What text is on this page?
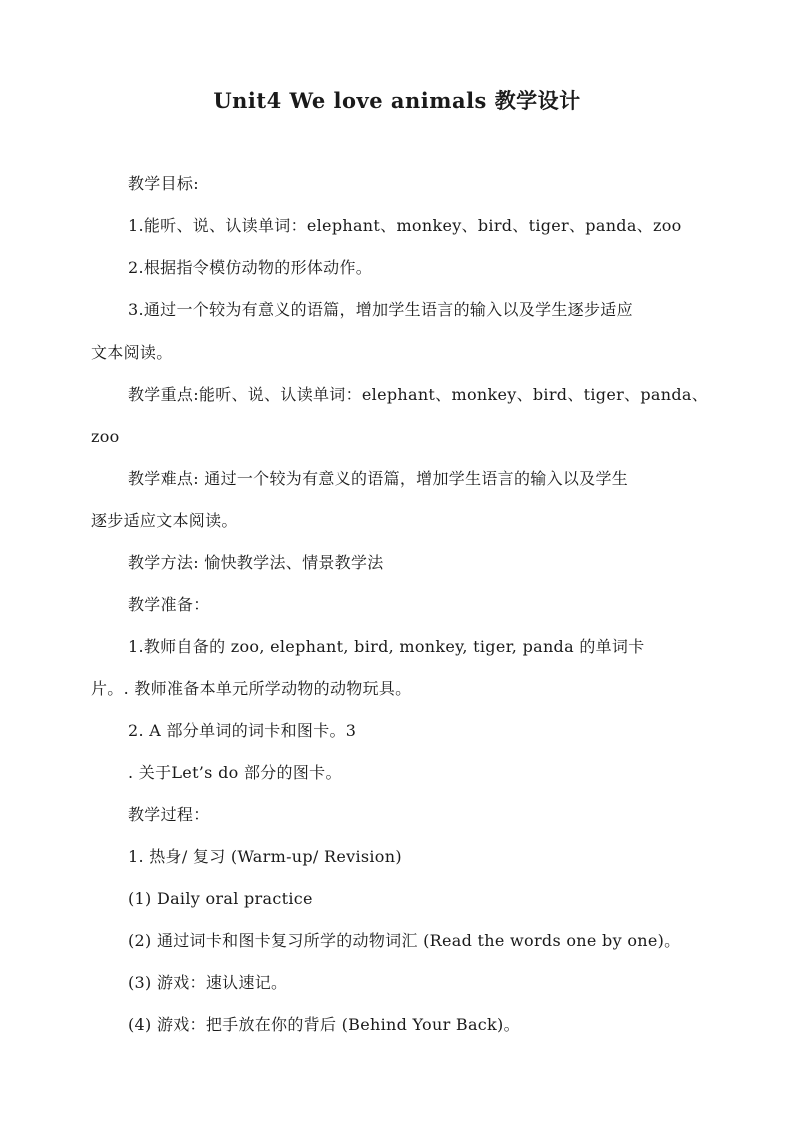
Unit4 We love animals 教学设计
教学目标:
1.能听、说、认读单词：elephant、monkey、bird、tiger、panda、zoo
2.根据指令模仿动物的形体动作。
3.通过一个较为有意义的语篇，增加学生语言的输入以及学生逐步适应
文本阅读。
教学重点:能听、说、认读单词：elephant、monkey、bird、tiger、panda、
zoo
教学难点: 通过一个较为有意义的语篇，增加学生语言的输入以及学生
逐步适应文本阅读。
教学方法: 愉快教学法、情景教学法
教学准备：
1.教师自备的 zoo, elephant, bird, monkey, tiger, panda 的单词卡
片。. 教师准备本单元所学动物的动物玩具。
2. A 部分单词的词卡和图卡。3
. 关于Let’s do 部分的图卡。
教学过程：
1. 热身/ 复习 (Warm-up/ Revision)
(1) Daily oral practice
(2) 通过词卡和图卡复习所学的动物词汇 (Read the words one by one)。
(3) 游戏：速认速记。
(4) 游戏：把手放在你的背后 (Behind Your Back)。
